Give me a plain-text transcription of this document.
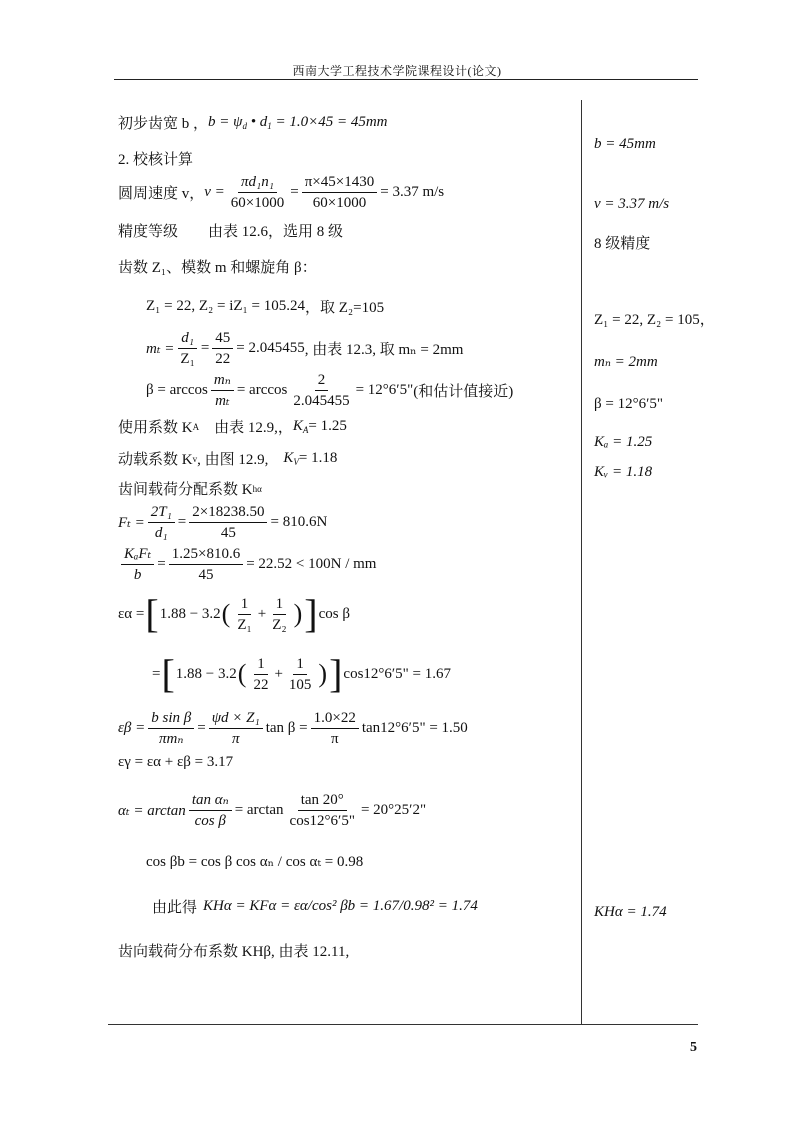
西南大学工程技术学院课程设计(论文)
5
初步齿宽 b ， $b = \psi_d$ • $d_1 = 1.0\times 45 = 45mm$
2. 校核计算
圆周速度 v， $v = \frac{\text{πd₁n₁}}{60\times 1000} = \frac{\pi\times 45\times 1430}{60\times 1000} = 3.37$ m/s
精度等级　　由表 12.6，选用 8 级
齿数 Z₁、模数 m 和螺旋角 β：
Z₁ = 22, Z₂ = iZ₁ = 105.24 ，取 Z₂=105
$m_t = \frac{\text{d₁}}{\text{Z₁}} = \frac{45}{22} = 2.045455$ , 由表 12.3, 取 mₙ = 2mm
$\beta = \arccos \frac{\text{mₙ}}{\text{mₜ}} = \arccos \frac{2}{2.045455} = 12^\circ 6'5$" (和估计值接近)
使用系数 K A 　由表 12.9,， $K_A = 1.25$
动载系数 K v , 由图 12.9,　 $K_V = 1.18$
齿间载荷分配系数 K hα
$F_t = \frac{\text{2T₁}}{\text{d₁}} = \frac{2\times 18238.50}{45} = 810.6N$
$\frac{\text{KₐFₜ}}{b} = \frac{1.25\times 810.6}{45} = 22.52 < 100N$ / mm
εα = [ 1.88 − 3.2 ( $\frac{1}{\text{Z₁}} + \frac{1}{\text{Z₂}}$ ) ] cos β
= [ 1.88 − 3.2 ( $\frac{1}{22} + \frac{1}{105}$ ) ] cos12°6′5" = 1.67
$\varepsilon\beta = \frac{\text{b sin β}}{\text{πmₙ}} = \frac{\text{ψd × Z₁}}{\pi}$ $\tan \beta = \frac{1.0\times 22}{\pi} \tan 12^\circ 6'5$" = 1.50
εγ = εα + εβ = 3.17
$\alpha_t = \arctan \frac{\text{tan αₙ}}{\text{cos β}} = \arctan \frac{\tan 20^\circ}{\cos 12^\circ 6'5"} = 20^\circ 25'2$"
cos βb = cos β cos αₙ / cos αₜ = 0.98
由此得 KHα = KFα = εα/cos² βb = 1.67/0.98² = 1.74
齿向载荷分布系数 KHβ, 由表 12.11,
b = 45mm
v = 3.37 m/s
8 级精度
Z₁ = 22, Z₂ = 105，
mₙ = 2mm
β = 12°6′5"
Kₐ = 1.25
Kᵥ = 1.18
KHα = 1.74
